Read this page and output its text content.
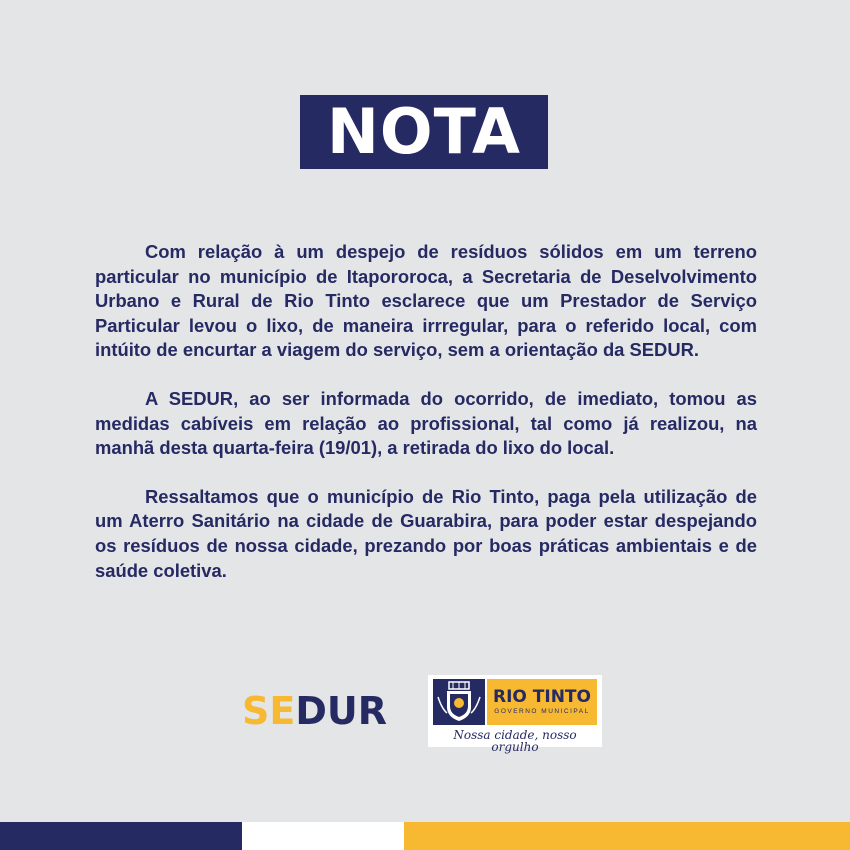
NOTA

Com relação à um despejo de resíduos sólidos em um terreno particular no município de Itapororoca, a Secretaria de Deselvolvimento Urbano e Rural de Rio Tinto esclarece que um Prestador de Serviço Particular levou o lixo, de maneira irrregular, para o referido local, com intúito de encurtar a viagem do serviço, sem a orientação da SEDUR.

A SEDUR, ao ser informada do ocorrido, de imediato, tomou as medidas cabíveis em relação ao profissional, tal como já realizou, na manhã desta quarta-feira (19/01), a retirada do lixo do local.

Ressaltamos que o município de Rio Tinto, paga pela utilização de um Aterro Sanitário na cidade de Guarabira, para poder estar despejando os resíduos de nossa cidade, prezando por boas práticas ambientais e de saúde coletiva.

SEDUR	RIO TINTO
GOVERNO MUNICIPAL
Nossa cidade, nosso orgulho
